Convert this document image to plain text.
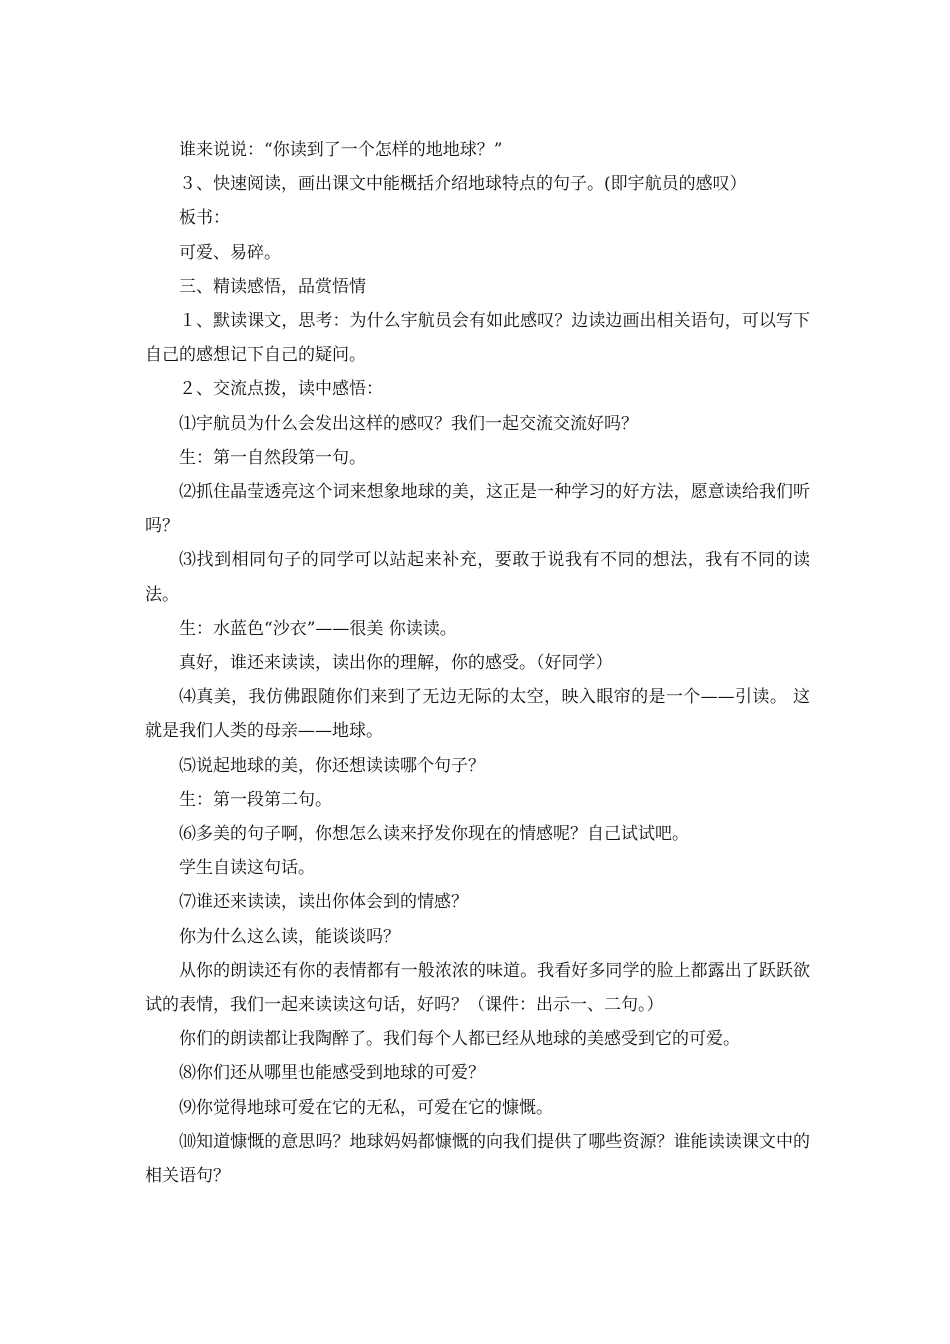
谁来说说：“你读到了一个怎样的地地球？”

３、快速阅读，画出课文中能概括介绍地球特点的句子。(即宇航员的感叹）

板书：

可爱、易碎。

三、精读感悟，品赏悟情

１、默读课文，思考：为什么宇航员会有如此感叹？边读边画出相关语句，可以写下自己的感想记下自己的疑问。

２、交流点拨，读中感悟：

⑴宇航员为什么会发出这样的感叹？我们一起交流交流好吗？

生：第一自然段第一句。

⑵抓住晶莹透亮这个词来想象地球的美，这正是一种学习的好方法，愿意读给我们听吗？

⑶找到相同句子的同学可以站起来补充，要敢于说我有不同的想法，我有不同的读法。

生：水蓝色“沙衣”——很美 你读读。

真好，谁还来读读，读出你的理解，你的感受。（好同学）

⑷真美，我仿佛跟随你们来到了无边无际的太空，映入眼帘的是一个——引读。 这就是我们人类的母亲——地球。

⑸说起地球的美，你还想读读哪个句子？

生：第一段第二句。

⑹多美的句子啊，你想怎么读来抒发你现在的情感呢？自己试试吧。

学生自读这句话。

⑺谁还来读读，读出你体会到的情感？

你为什么这么读，能谈谈吗？

从你的朗读还有你的表情都有一般浓浓的味道。我看好多同学的脸上都露出了跃跃欲试的表情，我们一起来读读这句话，好吗？（课件：出示一、二句。）

你们的朗读都让我陶醉了。我们每个人都已经从地球的美感受到它的可爱。

⑻你们还从哪里也能感受到地球的可爱？

⑼你觉得地球可爱在它的无私，可爱在它的慷慨。

⑽知道慷慨的意思吗？地球妈妈都慷慨的向我们提供了哪些资源？谁能读读课文中的相关语句？
